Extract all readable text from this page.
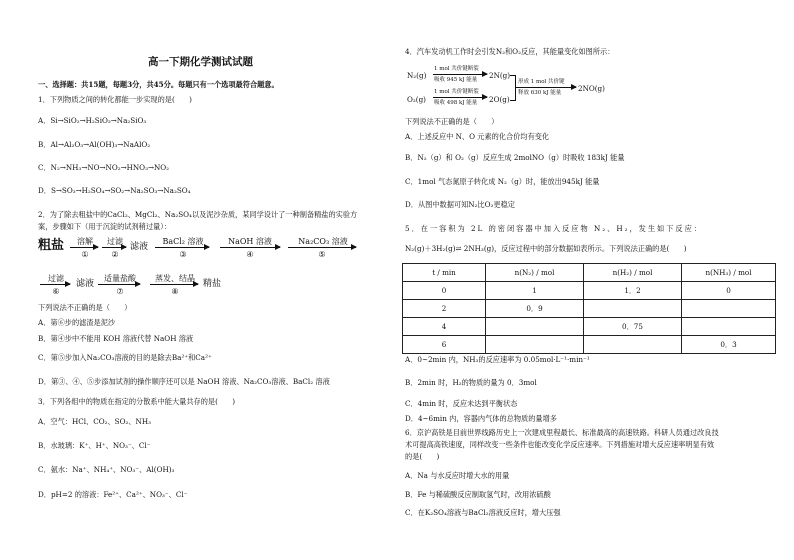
高一下期化学测试试题
一、选择题：共15题，每题3分，共45分。每题只有一个选项最符合题意。
1．下列物质之间的转化都能一步实现的是(　　)
A．Si→SiO₂→H₂SiO₃→Na₂SiO₃
B．Al→Al₂O₃→Al(OH)₃→NaAlO₂
C．N₂→NH₃→NO→NO₂→HNO₃→NO₂
D．S→SO₃→H₂SO₄→SO₂→Na₂SO₃→Na₂SO₄
2．为了除去粗盐中的CaCl₂、MgCl₂、Na₂SO₄以及泥沙杂质，某同学设计了一种制备精盐的实验方
案，步骤如下（用于沉淀的试剂稍过量）：
粗盐	溶解
①
过滤
②
滤液
BaCl₂ 溶液
③
NaOH 溶液
④
Na₂CO₃ 溶液
⑤
过滤
⑥
滤液
适量盐酸
⑦
蒸发、结晶
⑧
精盐
下列说法不正确的是（　　）
A．第⑥步的滤渣是泥沙
B．第④步中不能用 KOH 溶液代替 NaOH 溶液
C．第⑤步加入Na₂CO₃溶液的目的是除去Ba²⁺和Ca²⁺
D．第③、④、⑤步添加试剂的操作顺序还可以是 NaOH 溶液、Na₂CO₃溶液、BaCl₂ 溶液
3．下列各组中的物质在指定的分散系中能大量共存的是(　　)
A．空气：HCl、CO₂、SO₂、NH₃
B．水玻璃：K⁺、H⁺、NO₃⁻、Cl⁻
C．氨水：Na⁺、NH₄⁺、NO₃⁻、Al(OH)₃
D．pH=2 的溶液：Fe²⁺、Ca²⁺、NO₃⁻、Cl⁻
4．汽车发动机工作时会引发N₂和O₂反应，其能量变化如图所示：
N₂(g)
1 mol 共价键断裂
吸收 945 kJ 能量 2N(g)
O₂(g)
1 mol 共价键断裂
吸收 498 kJ 能量 2O(g)
形成 1 mol 共价键
释放 630 kJ 能量 2NO(g)
下列说法不正确的是（　　）
A．上述反应中 N、O 元素的化合价均有变化
B．N₂（g）和 O₂（g）反应生成 2molNO（g）时吸收 183kJ 能量
C．1mol 气态氮原子转化成 N₂（g）时，能放出945kJ 能量
D．从图中数据可知N₂比O₂更稳定
5．在一容积为 2L 的密闭容器中加入反应物 N₂、H₂，发生如下反应：
N₂(g)＋3H₂(g)⇌ 2NH₃(g)，反应过程中的部分数据如表所示。下列说法正确的是(　　)
t / min	n(N₂) / mol	n(H₂) / mol	n(NH₃) / mol
0	1	1．2	0
2	0．9		
4		0．75	
6			0．3
A．0~2min 内，NH₃的反应速率为 0.05mol·L⁻¹·min⁻¹
B．2min 时，H₂的物质的量为 0．3mol
C．4min 时，反应未达到平衡状态
D．4~6min 内，容器内气体的总物质的量增多
6．京沪高铁是目前世界线路历史上一次建成里程最长、标准最高的高速铁路。科研人员通过改良技
术可提高高铁速度，同样改变一些条件也能改变化学反应速率。下列措施对增大反应速率明显有效
的是(　　)
A．Na 与水反应时增大水的用量
B．Fe 与稀硫酸反应制取氢气时，改用浓硫酸
C．在K₂SO₄溶液与BaCl₂溶液反应时，增大压强
